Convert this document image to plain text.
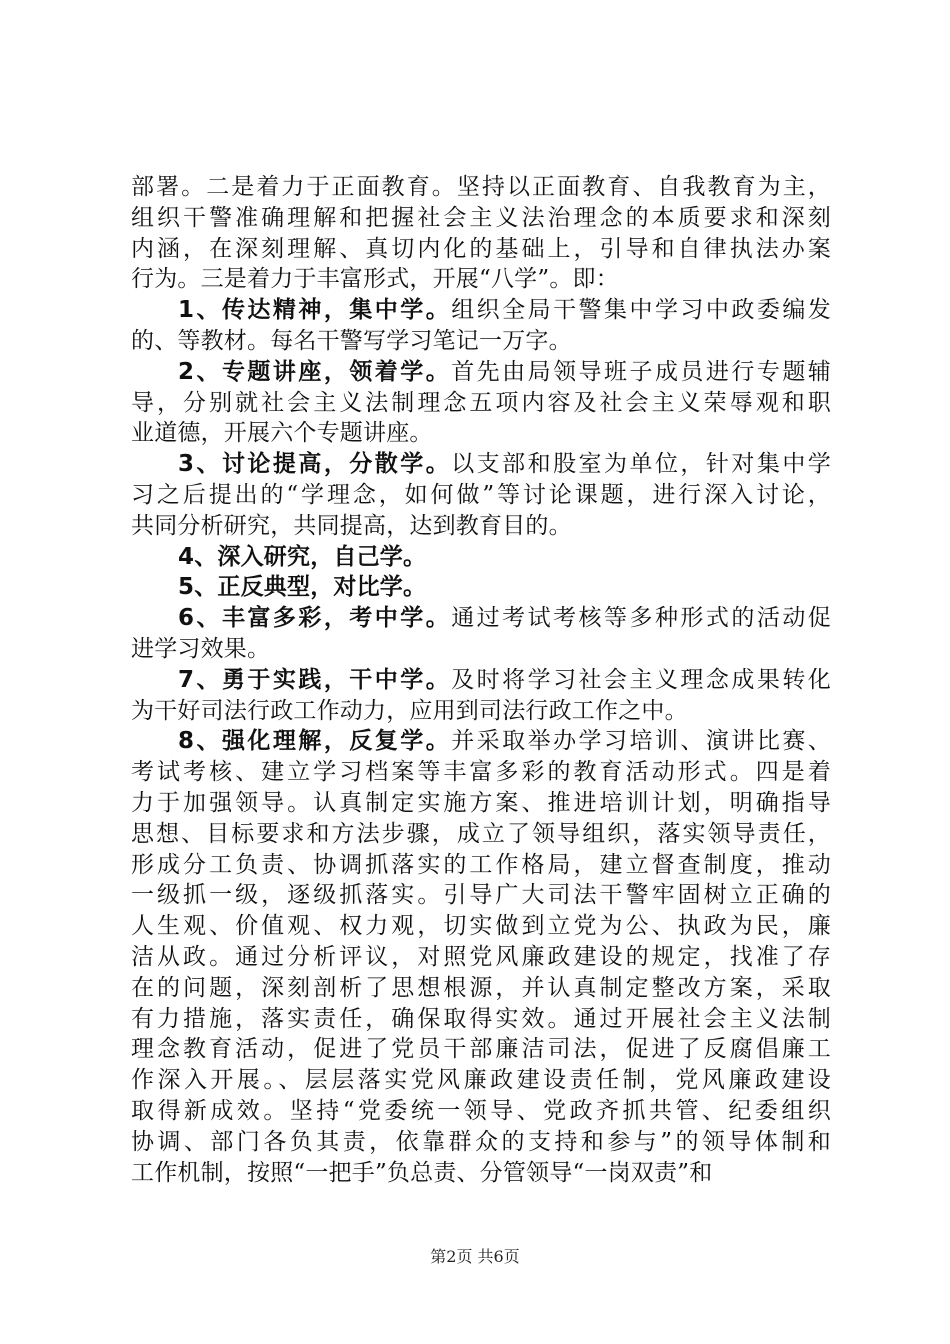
部署。二是着力于正面教育。坚持以正面教育、自我教育为主，
组织干警准确理解和把握社会主义法治理念的本质要求和深刻
内涵，在深刻理解、真切内化的基础上，引导和自律执法办案
行为。三是着力于丰富形式，开展“八学”。即：
1、传达精神，集中学。组织全局干警集中学习中政委编发
的、等教材。每名干警写学习笔记一万字。
2、专题讲座，领着学。首先由局领导班子成员进行专题辅
导，分别就社会主义法制理念五项内容及社会主义荣辱观和职
业道德，开展六个专题讲座。
3、讨论提高，分散学。以支部和股室为单位，针对集中学
习之后提出的“学理念，如何做”等讨论课题，进行深入讨论，
共同分析研究，共同提高，达到教育目的。
4、深入研究，自己学。
5、正反典型，对比学。
6、丰富多彩，考中学。通过考试考核等多种形式的活动促
进学习效果。
7、勇于实践，干中学。及时将学习社会主义理念成果转化
为干好司法行政工作动力，应用到司法行政工作之中。
8、强化理解，反复学。并采取举办学习培训、演讲比赛、
考试考核、建立学习档案等丰富多彩的教育活动形式。四是着
力于加强领导。认真制定实施方案、推进培训计划，明确指导
思想、目标要求和方法步骤，成立了领导组织，落实领导责任，
形成分工负责、协调抓落实的工作格局，建立督查制度，推动
一级抓一级，逐级抓落实。引导广大司法干警牢固树立正确的
人生观、价值观、权力观，切实做到立党为公、执政为民，廉
洁从政。通过分析评议，对照党风廉政建设的规定，找准了存
在的问题，深刻剖析了思想根源，并认真制定整改方案，采取
有力措施，落实责任，确保取得实效。通过开展社会主义法制
理念教育活动，促进了党员干部廉洁司法，促进了反腐倡廉工
作深入开展。、层层落实党风廉政建设责任制，党风廉政建设
取得新成效。坚持“党委统一领导、党政齐抓共管、纪委组织
协调、部门各负其责，依靠群众的支持和参与”的领导体制和
工作机制，按照“一把手”负总责、分管领导“一岗双责”和
第2页 共6页
